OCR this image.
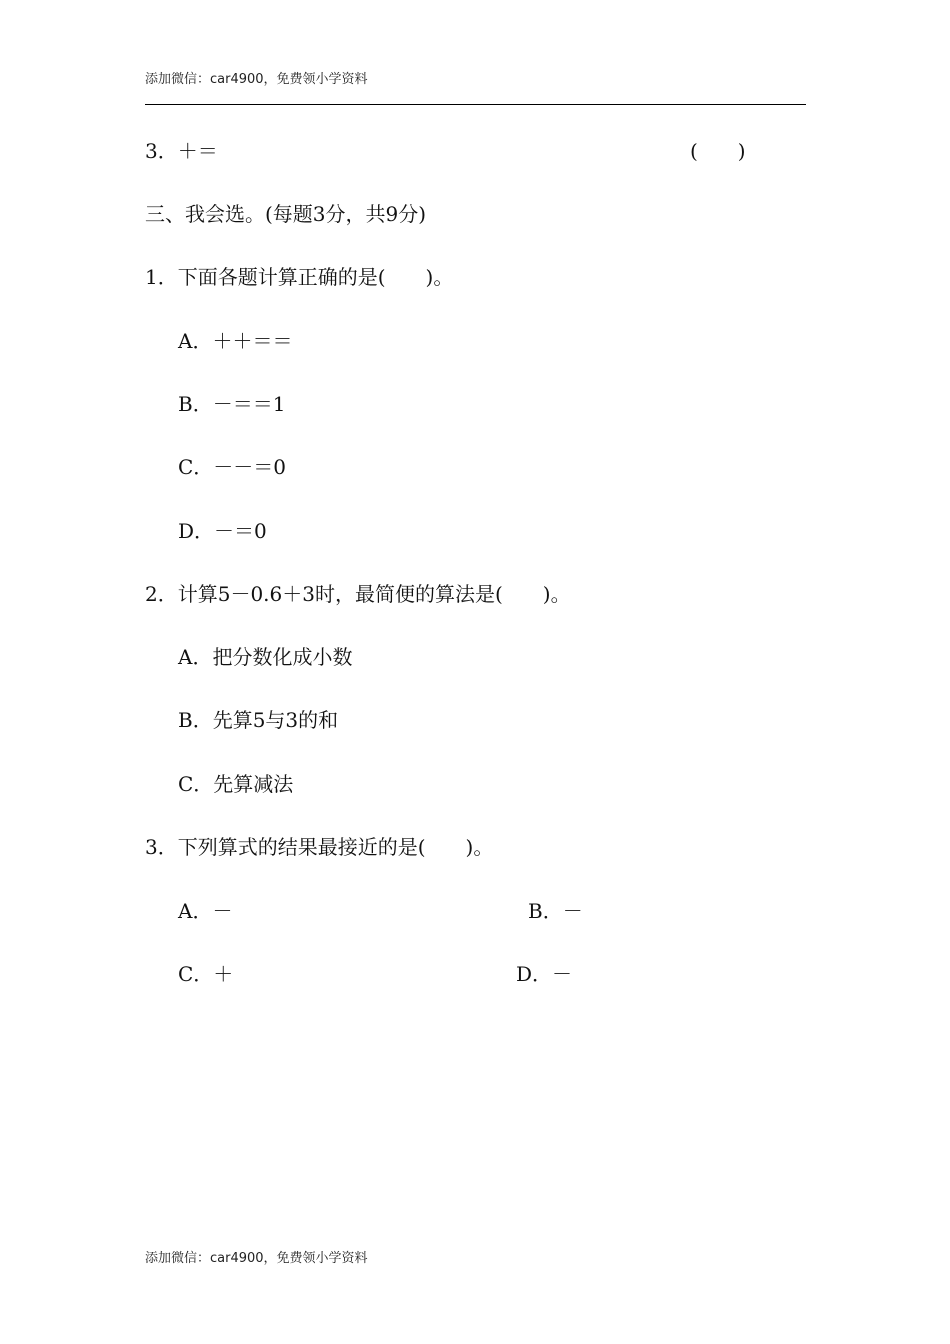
添加微信：car4900，免费领小学资料
3．＋＝	(　　)
三、我会选。(每题3分，共9分)
1．下面各题计算正确的是(　　)。
A．＋＋＝＝
B．－＝＝1
C．－－＝0
D．－＝0
2．计算5－0.6＋3时，最简便的算法是(　　)。
A．把分数化成小数
B．先算5与3的和
C．先算减法
3．下列算式的结果最接近的是(　　)。
A．－	B．－
C．＋	D．－
添加微信：car4900，免费领小学资料
